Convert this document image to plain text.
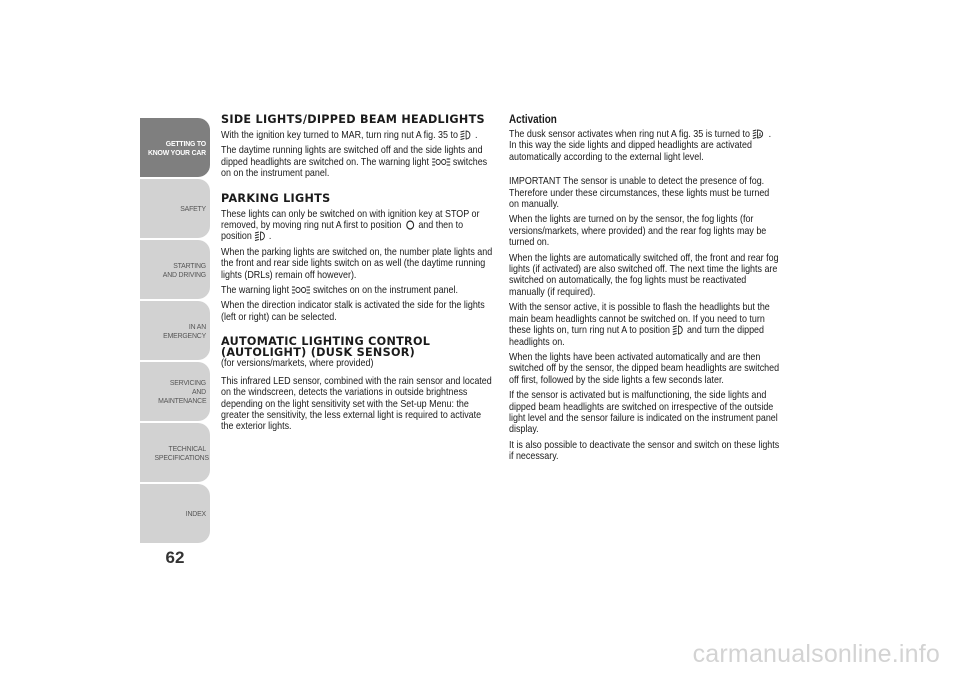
GETTING TO KNOW YOUR CAR
SAFETY
STARTING AND DRIVING
IN AN EMERGENCY
SERVICING AND MAINTENANCE
TECHNICAL SPECIFICATIONS
INDEX
62
SIDE LIGHTS/DIPPED BEAM HEADLIGHTS

With the ignition key turned to MAR, turn ring nut A fig. 35 to .

The daytime running lights are switched off and the side lights and dipped headlights are switched on. The warning light switches on on the instrument panel.

PARKING LIGHTS

These lights can only be switched on with ignition key at STOP or removed, by moving ring nut A first to position and then to position .

When the parking lights are switched on, the number plate lights and the front and rear side lights switch on as well (the daytime running lights (DRLs) remain off however).

The warning light switches on on the instrument panel.

When the direction indicator stalk is activated the side for the lights (left or right) can be selected.

AUTOMATIC LIGHTING CONTROL (AUTOLIGHT) (DUSK SENSOR)

(for versions/markets, where provided)

This infrared LED sensor, combined with the rain sensor and located on the windscreen, detects the variations in outside brightness depending on the light sensitivity set with the Set-up Menu: the greater the sensitivity, the less external light is required to activate the exterior lights.

Activation

The dusk sensor activates when ring nut A fig. 35 is turned to A . In this way the side lights and dipped headlights are activated automatically according to the external light level.

IMPORTANT The sensor is unable to detect the presence of fog. Therefore under these circumstances, these lights must be turned on manually.

When the lights are turned on by the sensor, the fog lights (for versions/markets, where provided) and the rear fog lights may be turned on.

When the lights are automatically switched off, the front and rear fog lights (if activated) are also switched off. The next time the lights are switched on automatically, the fog lights must be reactivated manually (if required).

With the sensor active, it is possible to flash the headlights but the main beam headlights cannot be switched on. If you need to turn these lights on, turn ring nut A to position and turn the dipped headlights on.

When the lights have been activated automatically and are then switched off by the sensor, the dipped beam headlights are switched off first, followed by the side lights a few seconds later.

If the sensor is activated but is malfunctioning, the side lights and dipped beam headlights are switched on irrespective of the outside light level and the sensor failure is indicated on the instrument panel display.

It is also possible to deactivate the sensor and switch on these lights if necessary.

carmanualsonline.info
